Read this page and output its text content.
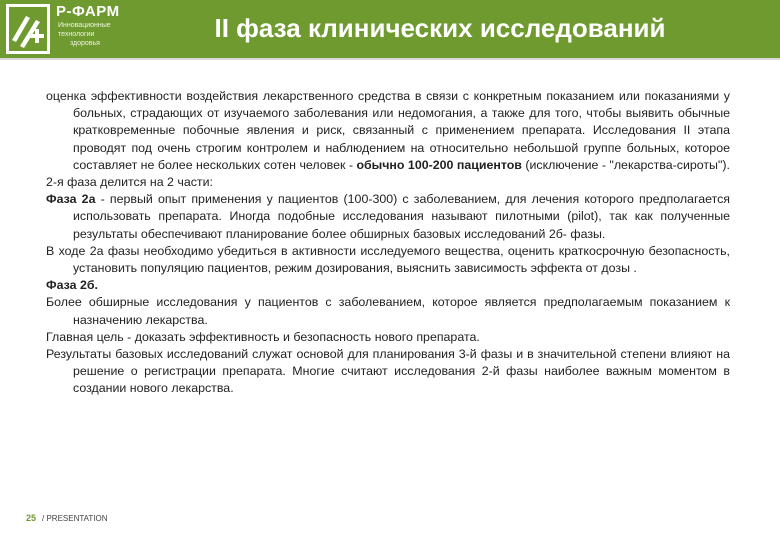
Р-ФАРМ
Инновационные
технологии
здоровья
II фаза клинических исследований

оценка эффективности воздействия лекарственного средства в связи с конкретным показанием или показаниями у больных, страдающих от изучаемого заболевания или недомогания, а также для того, чтобы выявить обычные кратковременные побочные явления и риск, связанный с применением препарата. Исследования II этапа проводят под очень строгим контролем и наблюдением на относительно небольшой группе больных, которое составляет не более нескольких сотен человек - обычно 100-200 пациентов (исключение - "лекарства-сироты").

2-я фаза делится на 2 части:

Фаза 2а - первый опыт применения у пациентов (100-300) с заболеванием, для лечения которого предполагается использовать препарата. Иногда подобные исследования называют пилотными (pilot), так как полученные результаты обеспечивают планирование более обширных базовых исследований 2б- фазы.

В ходе 2а фазы необходимо убедиться в активности исследуемого вещества, оценить краткосрочную безопасность, установить популяцию пациентов, режим дозирования, выяснить зависимость эффекта от дозы .

Фаза 2б.

Более обширные исследования у пациентов с заболеванием, которое является предполагаемым показанием к назначению лекарства.

Главная цель - доказать эффективность и безопасность нового препарата.

Результаты базовых исследований служат основой для планирования 3-й фазы и в значительной степени влияют на решение о регистрации препарата. Многие считают исследования 2-й фазы наиболее важным моментом в создании нового лекарства.

25 / PRESENTATION
